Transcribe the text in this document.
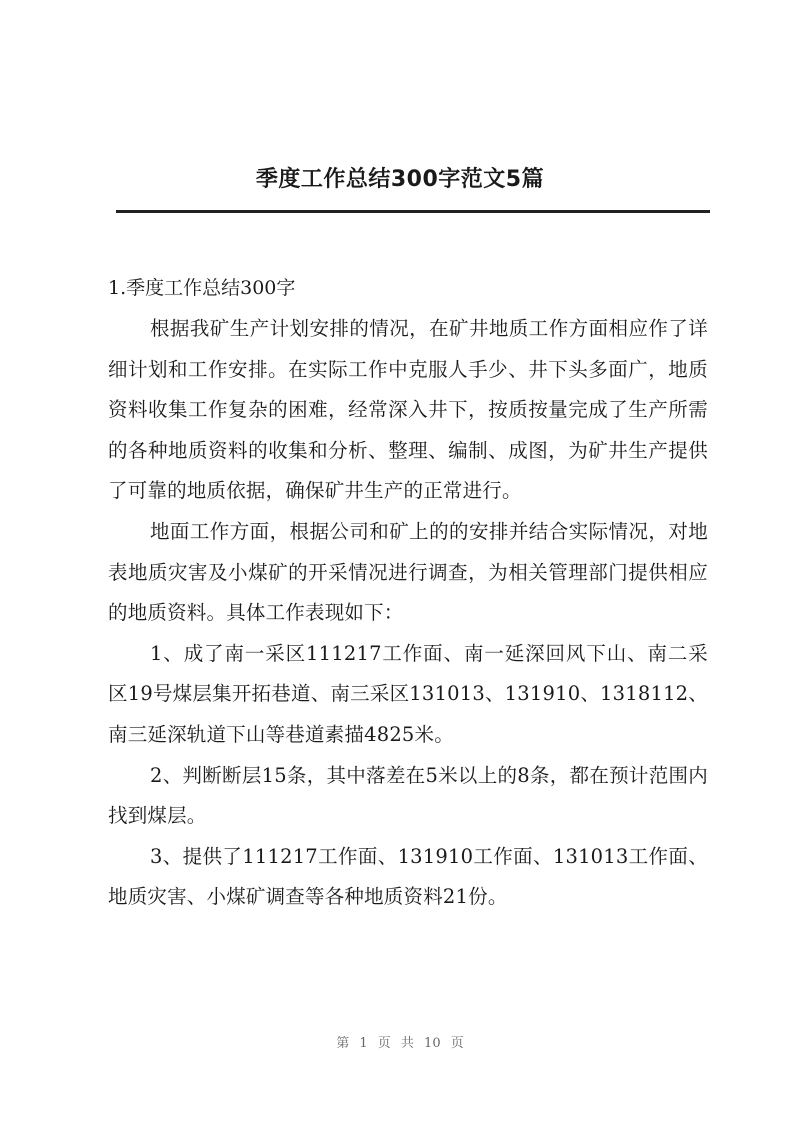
季度工作总结300字范文5篇
1.季度工作总结300字

根据我矿生产计划安排的情况，在矿井地质工作方面相应作了详细计划和工作安排。在实际工作中克服人手少、井下头多面广，地质资料收集工作复杂的困难，经常深入井下，按质按量完成了生产所需的各种地质资料的收集和分析、整理、编制、成图，为矿井生产提供了可靠的地质依据，确保矿井生产的正常进行。

地面工作方面，根据公司和矿上的的安排并结合实际情况，对地表地质灾害及小煤矿的开采情况进行调查，为相关管理部门提供相应的地质资料。具体工作表现如下：

1、成了南一采区111217工作面、南一延深回风下山、南二采区19号煤层集开拓巷道、南三采区131013、131910、1318112、南三延深轨道下山等巷道素描4825米。

2、判断断层15条，其中落差在5米以上的8条，都在预计范围内找到煤层。

3、提供了111217工作面、131910工作面、131013工作面、地质灾害、小煤矿调查等各种地质资料21份。

第 1 页 共 10 页
